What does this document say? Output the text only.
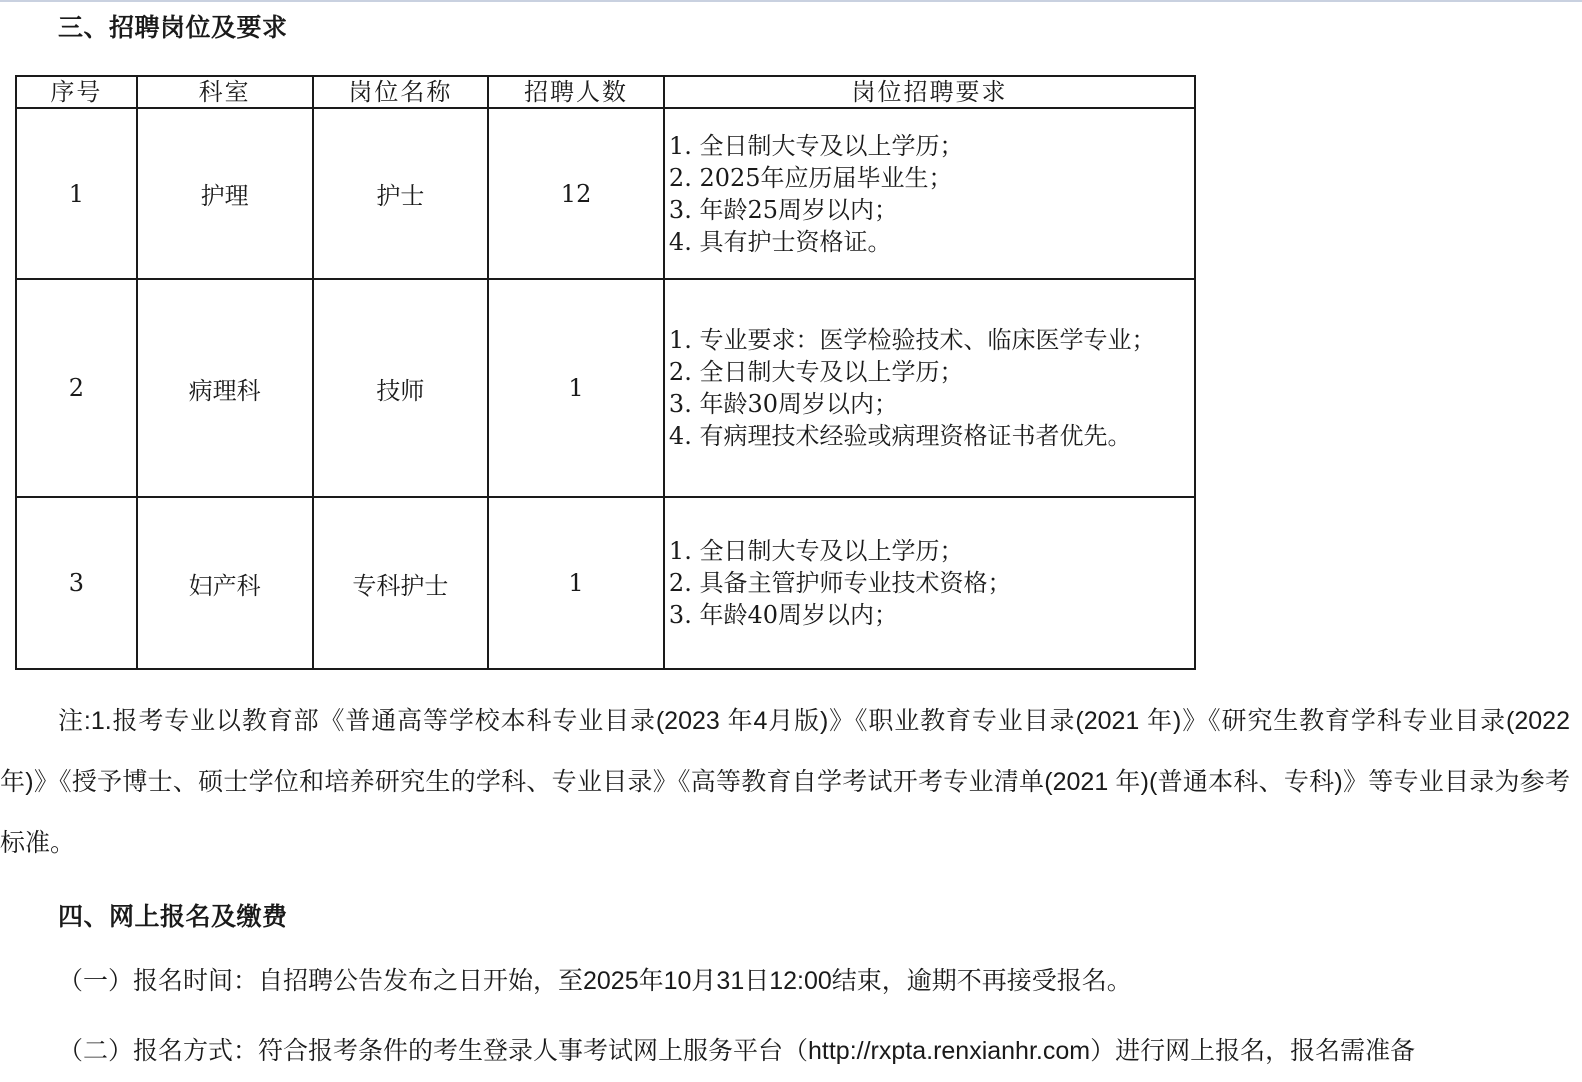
三、招聘岗位及要求
序号	科室	岗位名称	招聘人数	岗位招聘要求
1	护理	护士	12	1. 全日制大专及以上学历；
2. 2025年应历届毕业生；
3. 年龄25周岁以内；
4. 具有护士资格证。

2	病理科	技师	1	1. 专业要求：医学检验技术、临床医学专业；
2. 全日制大专及以上学历；
3. 年龄30周岁以内；
4. 有病理技术经验或病理资格证书者优先。

3	妇产科	专科护士	1	1. 全日制大专及以上学历；
2. 具备主管护师专业技术资格；
3. 年龄40周岁以内；
注:1.报考专业以教育部《普通高等学校本科专业目录(2023 年4月版)》《职业教育专业目录(2021 年)》《研究生教育学科专业目录(2022 年)》《授予博士、硕士学位和培养研究生的学科、专业目录》《高等教育自学考试开考专业清单(2021 年)(普通本科、专科)》等专业目录为参考标准。
四、网上报名及缴费
（一）报名时间：自招聘公告发布之日开始，至2025年10月31日12:00结束，逾期不再接受报名。
（二）报名方式：符合报考条件的考生登录人事考试网上服务平台（http://rxpta.renxianhr.com）进行网上报名，报名需准备
